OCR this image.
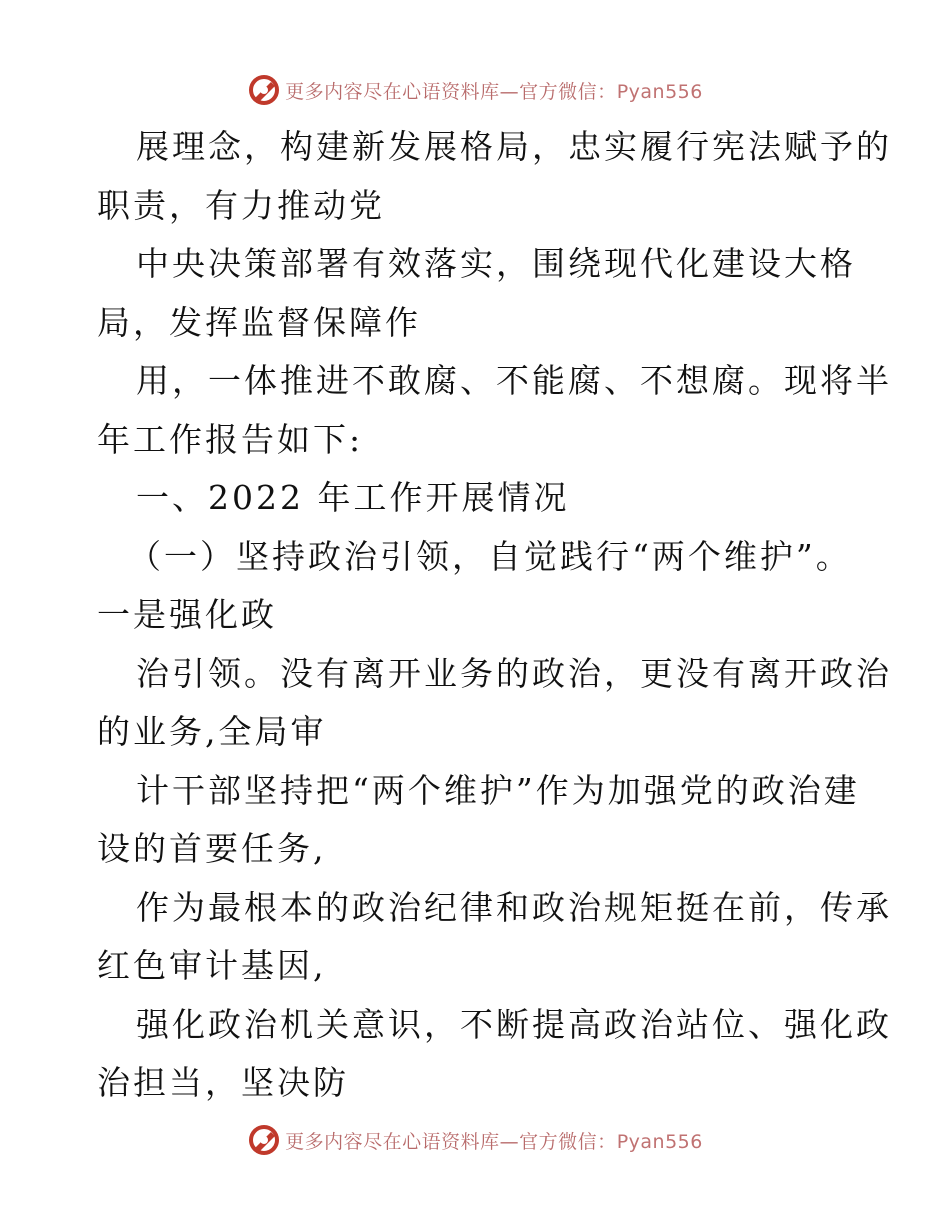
更多内容尽在心语资料库—官方微信：Pyan556

展理念，构建新发展格局，忠实履行宪法赋予的
职责，有力推动党

中央决策部署有效落实，围绕现代化建设大格
局，发挥监督保障作

用，一体推进不敢腐、不能腐、不想腐。现将半
年工作报告如下:

一、2022 年工作开展情况

（一）坚持政治引领，自觉践行“两个维护”。
一是强化政

治引领。没有离开业务的政治，更没有离开政治
的业务,全局审

计干部坚持把“两个维护”作为加强党的政治建
设的首要任务,

作为最根本的政治纪律和政治规矩挺在前，传承
红色审计基因,

强化政治机关意识，不断提高政治站位、强化政
治担当，坚决防

更多内容尽在心语资料库—官方微信：Pyan556
